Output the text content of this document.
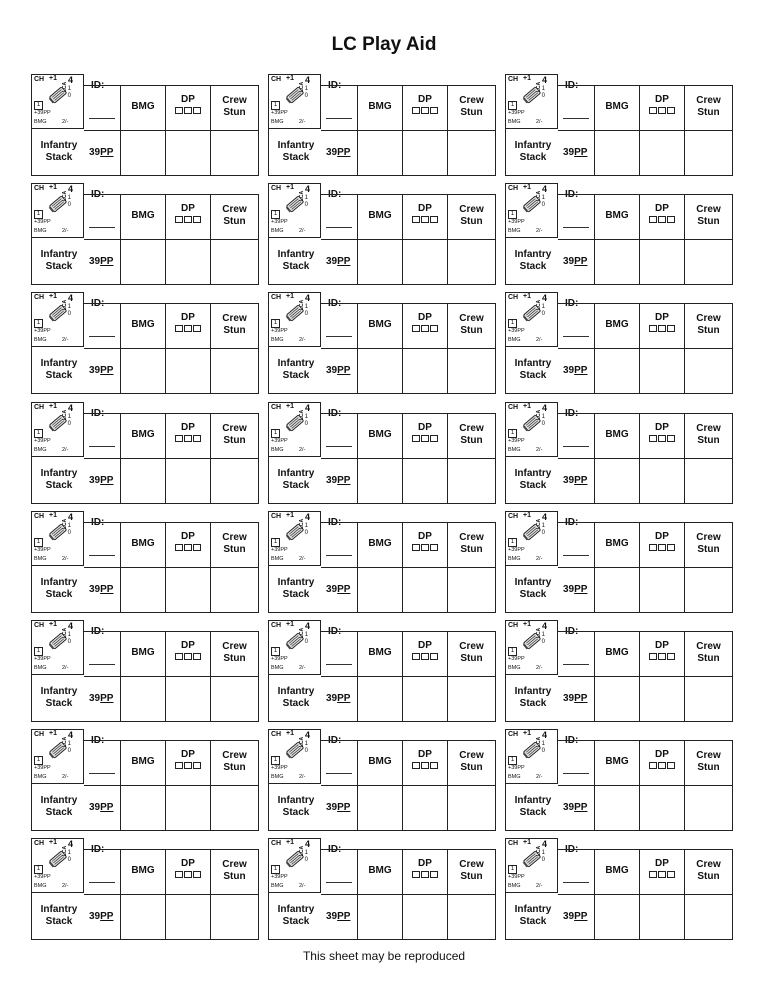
LC Play Aid
CH +1 4
LCA 1
0
1
+39PP
BMG	2/-
ID:
BMG
DP	Crew
Stun
Infantry
Stack	39PP
CH +1 4
LCA 1
0
1
+39PP
BMG	2/-
ID:
BMG
DP	Crew
Stun
Infantry
Stack	39PP
CH +1 4
LCA 1
0
1
+39PP
BMG	2/-
ID:
BMG
DP	Crew
Stun
Infantry
Stack	39PP
CH +1 4
LCA 1
0
1
+39PP
BMG	2/-
ID:
BMG
DP	Crew
Stun
Infantry
Stack	39PP
CH +1 4
LCA 1
0
1
+39PP
BMG	2/-
ID:
BMG
DP	Crew
Stun
Infantry
Stack	39PP
CH +1 4
LCA 1
0
1
+39PP
BMG	2/-
ID:
BMG
DP	Crew
Stun
Infantry
Stack	39PP
CH +1 4
LCA 1
0
1
+39PP
BMG	2/-
ID:
BMG
DP	Crew
Stun
Infantry
Stack	39PP
CH +1 4
LCA 1
0
1
+39PP
BMG	2/-
ID:
BMG
DP	Crew
Stun
Infantry
Stack	39PP
CH +1 4
LCA 1
0
1
+39PP
BMG	2/-
ID:
BMG
DP	Crew
Stun
Infantry
Stack	39PP
CH +1 4
LCA 1
0
1
+39PP
BMG	2/-
ID:
BMG
DP	Crew
Stun
Infantry
Stack	39PP
CH +1 4
LCA 1
0
1
+39PP
BMG	2/-
ID:
BMG
DP	Crew
Stun
Infantry
Stack	39PP
CH +1 4
LCA 1
0
1
+39PP
BMG	2/-
ID:
BMG
DP	Crew
Stun
Infantry
Stack	39PP
CH +1 4
LCA 1
0
1
+39PP
BMG	2/-
ID:
BMG
DP	Crew
Stun
Infantry
Stack	39PP
CH +1 4
LCA 1
0
1
+39PP
BMG	2/-
ID:
BMG
DP	Crew
Stun
Infantry
Stack	39PP
CH +1 4
LCA 1
0
1
+39PP
BMG	2/-
ID:
BMG
DP	Crew
Stun
Infantry
Stack	39PP
CH +1 4
LCA 1
0
1
+39PP
BMG	2/-
ID:
BMG
DP	Crew
Stun
Infantry
Stack	39PP
CH +1 4
LCA 1
0
1
+39PP
BMG	2/-
ID:
BMG
DP	Crew
Stun
Infantry
Stack	39PP
CH +1 4
LCA 1
0
1
+39PP
BMG	2/-
ID:
BMG
DP	Crew
Stun
Infantry
Stack	39PP
CH +1 4
LCA 1
0
1
+39PP
BMG	2/-
ID:
BMG
DP	Crew
Stun
Infantry
Stack	39PP
CH +1 4
LCA 1
0
1
+39PP
BMG	2/-
ID:
BMG
DP	Crew
Stun
Infantry
Stack	39PP
CH +1 4
LCA 1
0
1
+39PP
BMG	2/-
ID:
BMG
DP	Crew
Stun
Infantry
Stack	39PP
CH +1 4
LCA 1
0
1
+39PP
BMG	2/-
ID:
BMG
DP	Crew
Stun
Infantry
Stack	39PP
CH +1 4
LCA 1
0
1
+39PP
BMG	2/-
ID:
BMG
DP	Crew
Stun
Infantry
Stack	39PP
CH +1 4
LCA 1
0
1
+39PP
BMG	2/-
ID:
BMG
DP	Crew
Stun
Infantry
Stack	39PP
This sheet may be reproduced
